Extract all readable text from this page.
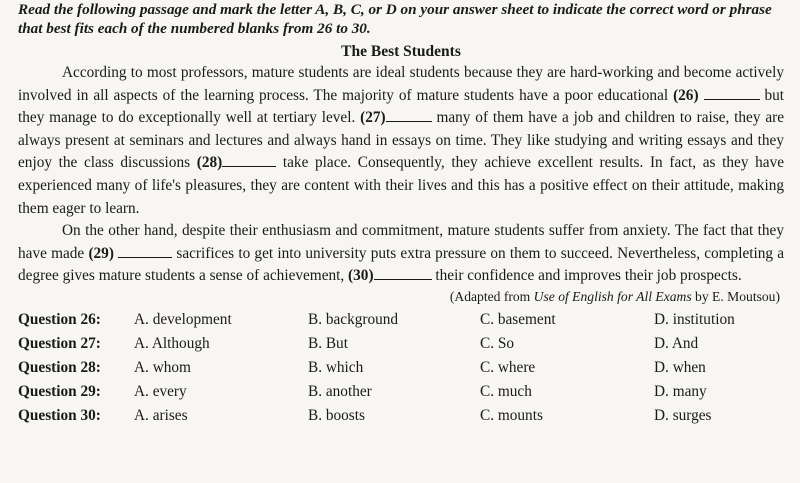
Read the following passage and mark the letter A, B, C, or D on your answer sheet to indicate the correct word or phrase that best fits each of the numbered blanks from 26 to 30.

The Best Students

According to most professors, mature students are ideal students because they are hard-working and become actively involved in all aspects of the learning process. The majority of mature students have a poor educational (26)	but they manage to do exceptionally well at tertiary level. (27)	many of them have a job and children to raise, they are always present at seminars and lectures and always hand in essays on time. They like studying and writing essays and they enjoy the class discussions (28)	take place. Consequently, they achieve excellent results. In fact, as they have experienced many of life's pleasures, they are content with their lives and this has a positive effect on their attitude, making them eager to learn.

On the other hand, despite their enthusiasm and commitment, mature students suffer from anxiety. The fact that they have made (29)	sacrifices to get into university puts extra pressure on them to succeed. Nevertheless, completing a degree gives mature students a sense of achievement, (30)	their confidence and improves their job prospects.

(Adapted from Use of English for All Exams by E. Moutsou)

Question 26: A. development	B. background	C. basement	D. institution
Question 27: A. Although	B. But	C. So	D. And
Question 28: A. whom	B. which	C. where	D. when
Question 29: A. every	B. another	C. much	D. many
Question 30: A. arises	B. boosts	C. mounts	D. surges
